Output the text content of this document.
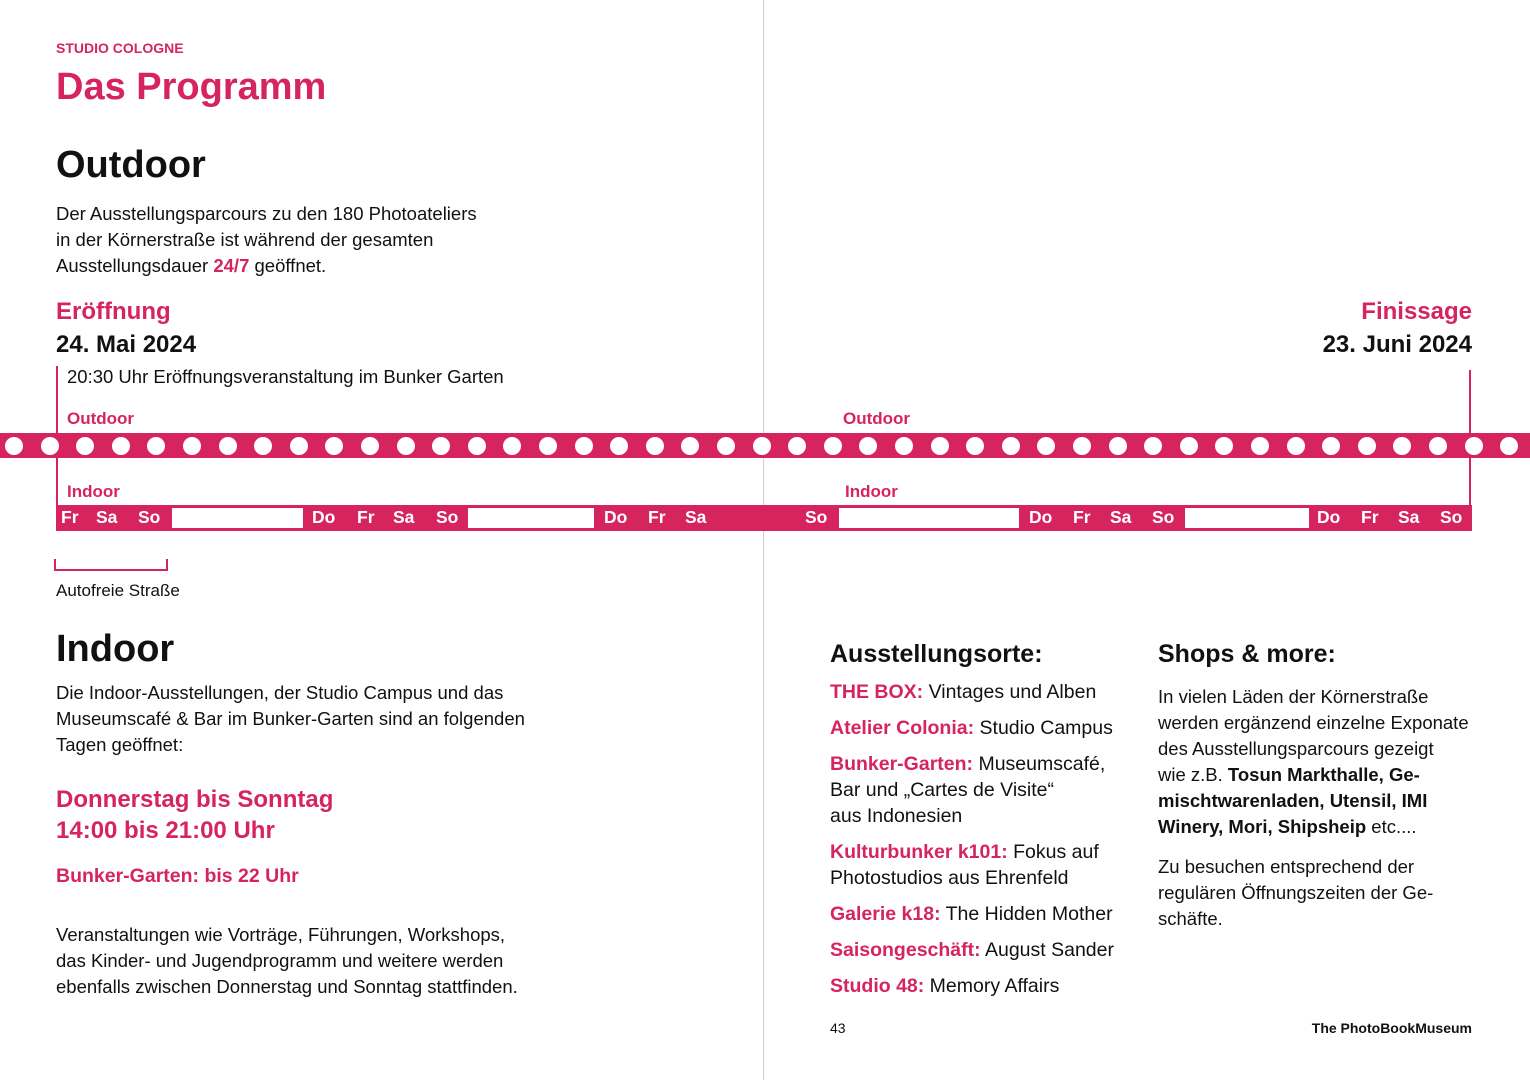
STUDIO COLOGNE
Das Programm
Outdoor
Der Ausstellungsparcours zu den 180 Photoateliers
in der Körnerstraße ist während der gesamten
Ausstellungsdauer 24/7 geöffnet.
Eröffnung
24. Mai 2024
Finissage
23. Juni 2024
20:30 Uhr Eröffnungsveranstaltung im Bunker Garten
Outdoor	Outdoor
Indoor	Indoor
Fr Sa So	Do Fr Sa So	Do Fr Sa	So	Do Fr Sa So	Do Fr Sa So
Autofreie Straße
Indoor
Die Indoor-Ausstellungen, der Studio Campus und das
Museumscafé & Bar im Bunker-Garten sind an folgenden
Tagen geöffnet:
Donnerstag bis Sonntag
14:00 bis 21:00 Uhr
Bunker-Garten: bis 22 Uhr
Veranstaltungen wie Vorträge, Führungen, Workshops,
das Kinder- und Jugendprogramm und weitere werden
ebenfalls zwischen Donnerstag und Sonntag stattfinden.
Ausstellungsorte:
THE BOX: Vintages und Alben
Atelier Colonia: Studio Campus
Bunker-Garten: Museumscafé,
Bar und „Cartes de Visite“
aus Indonesien
Kulturbunker k101: Fokus auf
Photostudios aus Ehrenfeld
Galerie k18: The Hidden Mother
Saisongeschäft: August Sander
Studio 48: Memory Affairs
Shops & more:
In vielen Läden der Körnerstraße
werden ergänzend einzelne Exponate
des Ausstellungsparcours gezeigt
wie z.B. Tosun Markthalle, Ge-
mischtwarenladen, Utensil, IMI
Winery, Mori, Shipsheip etc....
Zu besuchen entsprechend der
regulären Öffnungszeiten der Ge-
schäfte.
43	The PhotoBookMuseum
